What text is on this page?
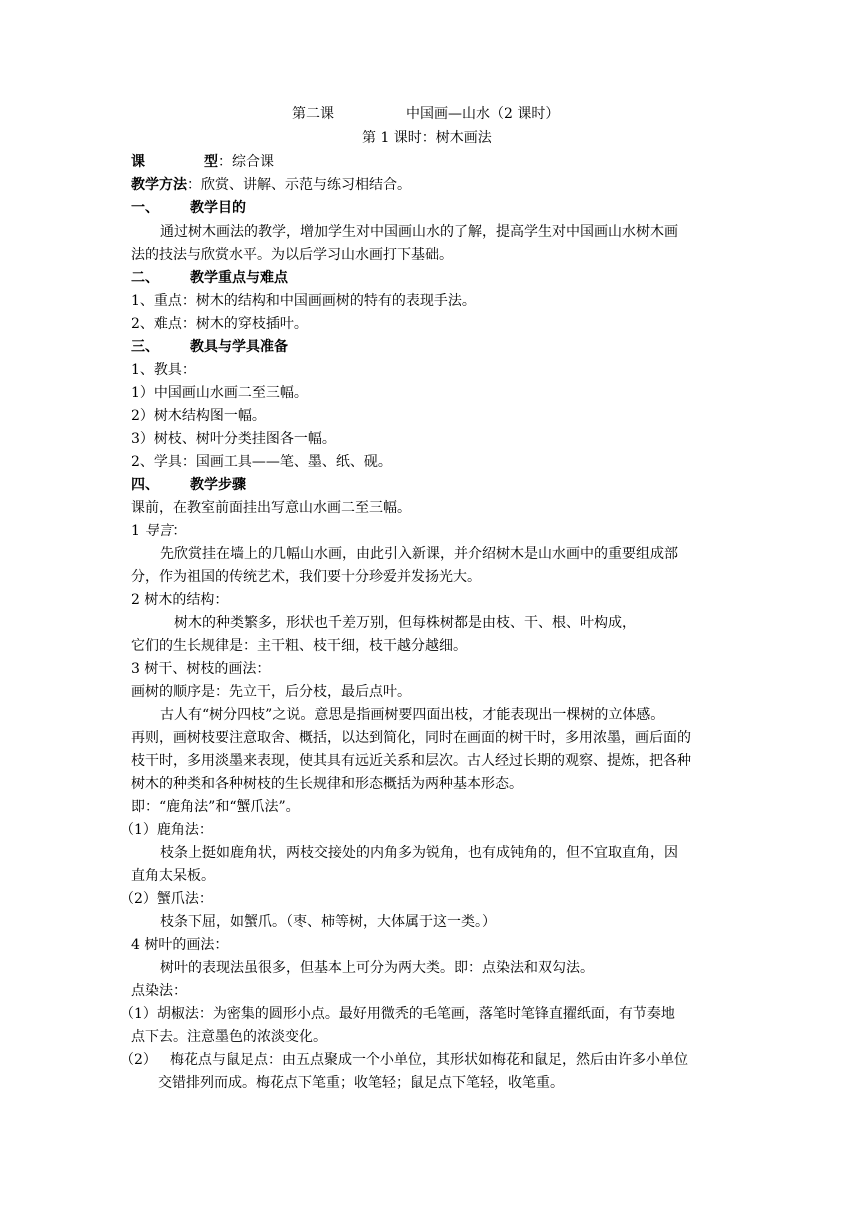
第二课	中国画—山水（2 课时）
第 1 课时：树木画法
课	型 ：综合课
教学方法：欣赏、讲解、示范与练习相结合。
一、 教学目的
通过树木画法的教学，增加学生对中国画山水的了解，提高学生对中国画山水树木画
法的技法与欣赏水平。为以后学习山水画打下基础。
二、 教学重点与难点
1、重点：树木的结构和中国画画树的特有的表现手法。
2、难点：树木的穿枝插叶。
三、 教具与学具准备
1、教具：
1）中国画山水画二至三幅。
2）树木结构图一幅。
3）树枝、树叶分类挂图各一幅。
2、学具：国画工具——笔、墨、纸、砚。
四、 教学步骤
课前，在教室前面挂出写意山水画二至三幅。
1 导言：
先欣赏挂在墙上的几幅山水画，由此引入新课，并介绍树木是山水画中的重要组成部
分，作为祖国的传统艺术，我们要十分珍爱并发扬光大。
2 树木的结构：
树木的种类繁多，形状也千差万别，但每株树都是由枝、干、根、叶构成，
它们的生长规律是：主干粗、枝干细，枝干越分越细。
3 树干、树枝的画法：
画树的顺序是：先立干，后分枝，最后点叶。
古人有“树分四枝”之说。意思是指画树要四面出枝，才能表现出一棵树的立体感。
再则，画树枝要注意取舍、概括，以达到简化，同时在画面的树干时，多用浓墨，画后面的
枝干时，多用淡墨来表现，使其具有远近关系和层次。古人经过长期的观察、提炼，把各种
树木的种类和各种树枝的生长规律和形态概括为两种基本形态。
即：“鹿角法”和“蟹爪法”。
（1）鹿角法：
枝条上挺如鹿角状，两枝交接处的内角多为锐角，也有成钝角的，但不宜取直角，因
直角太呆板。
（2）蟹爪法：
枝条下屈，如蟹爪。（枣、柿等树，大体属于这一类。）
4 树叶的画法：
树叶的表现法虽很多，但基本上可分为两大类。即：点染法和双勾法。
点染法：
（1）胡椒法：为密集的圆形小点。最好用微秃的毛笔画，落笔时笔锋直擢纸面，有节奏地
点下去。注意墨色的浓淡变化。
（2） 梅花点与鼠足点：由五点聚成一个小单位，其形状如梅花和鼠足，然后由许多小单位
交错排列而成。梅花点下笔重；收笔轻；鼠足点下笔轻，收笔重。
